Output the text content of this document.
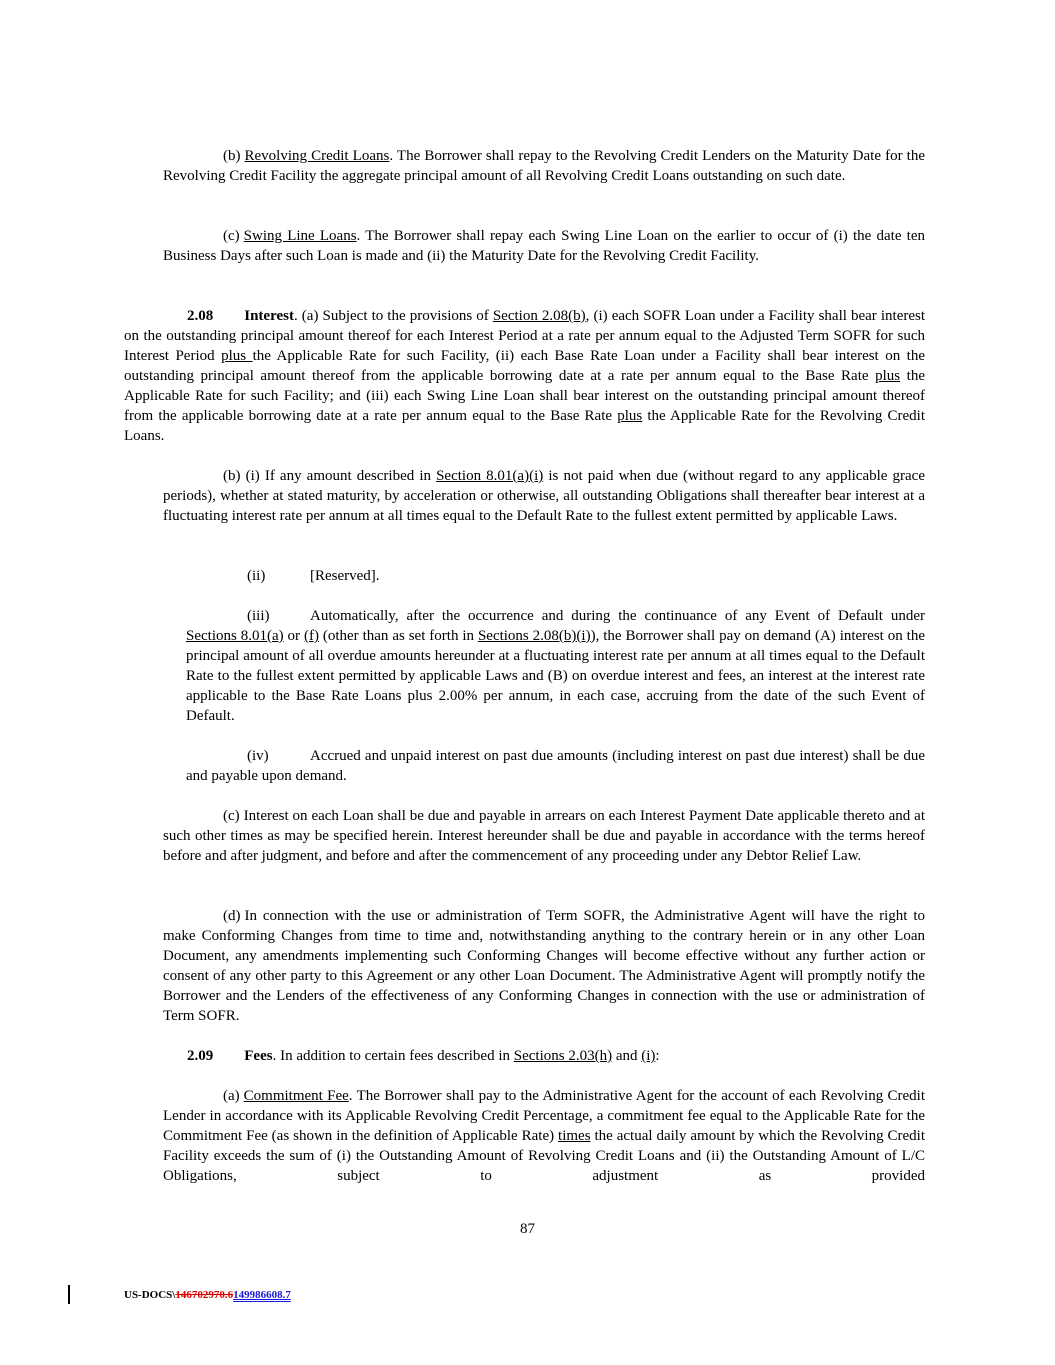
(b) Revolving Credit Loans. The Borrower shall repay to the Revolving Credit Lenders on the Maturity Date for the Revolving Credit Facility the aggregate principal amount of all Revolving Credit Loans outstanding on such date.

(c) Swing Line Loans. The Borrower shall repay each Swing Line Loan on the earlier to occur of (i) the date ten Business Days after such Loan is made and (ii) the Maturity Date for the Revolving Credit Facility.

2.08 Interest. (a) Subject to the provisions of Section 2.08(b), (i) each SOFR Loan under a Facility shall bear interest on the outstanding principal amount thereof for each Interest Period at a rate per annum equal to the Adjusted Term SOFR for such Interest Period plus the Applicable Rate for such Facility, (ii) each Base Rate Loan under a Facility shall bear interest on the outstanding principal amount thereof from the applicable borrowing date at a rate per annum equal to the Base Rate plus the Applicable Rate for such Facility; and (iii) each Swing Line Loan shall bear interest on the outstanding principal amount thereof from the applicable borrowing date at a rate per annum equal to the Base Rate plus the Applicable Rate for the Revolving Credit Loans.

(b) (i) If any amount described in Section 8.01(a)(i) is not paid when due (without regard to any applicable grace periods), whether at stated maturity, by acceleration or otherwise, all outstanding Obligations shall thereafter bear interest at a fluctuating interest rate per annum at all times equal to the Default Rate to the fullest extent permitted by applicable Laws.

(ii)	[Reserved].

(iii)	Automatically, after the occurrence and during the continuance of any Event of Default under Sections 8.01(a) or (f) (other than as set forth in Sections 2.08(b)(i)), the Borrower shall pay on demand (A) interest on the principal amount of all overdue amounts hereunder at a fluctuating interest rate per annum at all times equal to the Default Rate to the fullest extent permitted by applicable Laws and (B) on overdue interest and fees, an interest at the interest rate applicable to the Base Rate Loans plus 2.00% per annum, in each case, accruing from the date of the such Event of Default.

(iv)	Accrued and unpaid interest on past due amounts (including interest on past due interest) shall be due and payable upon demand.

(c) Interest on each Loan shall be due and payable in arrears on each Interest Payment Date applicable thereto and at such other times as may be specified herein. Interest hereunder shall be due and payable in accordance with the terms hereof before and after judgment, and before and after the commencement of any proceeding under any Debtor Relief Law.

(d) In connection with the use or administration of Term SOFR, the Administrative Agent will have the right to make Conforming Changes from time to time and, notwithstanding anything to the contrary herein or in any other Loan Document, any amendments implementing such Conforming Changes will become effective without any further action or consent of any other party to this Agreement or any other Loan Document. The Administrative Agent will promptly notify the Borrower and the Lenders of the effectiveness of any Conforming Changes in connection with the use or administration of Term SOFR.

2.09 Fees. In addition to certain fees described in Sections 2.03(h) and (i):

(a) Commitment Fee. The Borrower shall pay to the Administrative Agent for the account of each Revolving Credit Lender in accordance with its Applicable Revolving Credit Percentage, a commitment fee equal to the Applicable Rate for the Commitment Fee (as shown in the definition of Applicable Rate) times the actual daily amount by which the Revolving Credit Facility exceeds the sum of (i) the Outstanding Amount of Revolving Credit Loans and (ii) the Outstanding Amount of L/C Obligations, subject to adjustment as provided

87
US-DOCS\146702970.6149986608.7
